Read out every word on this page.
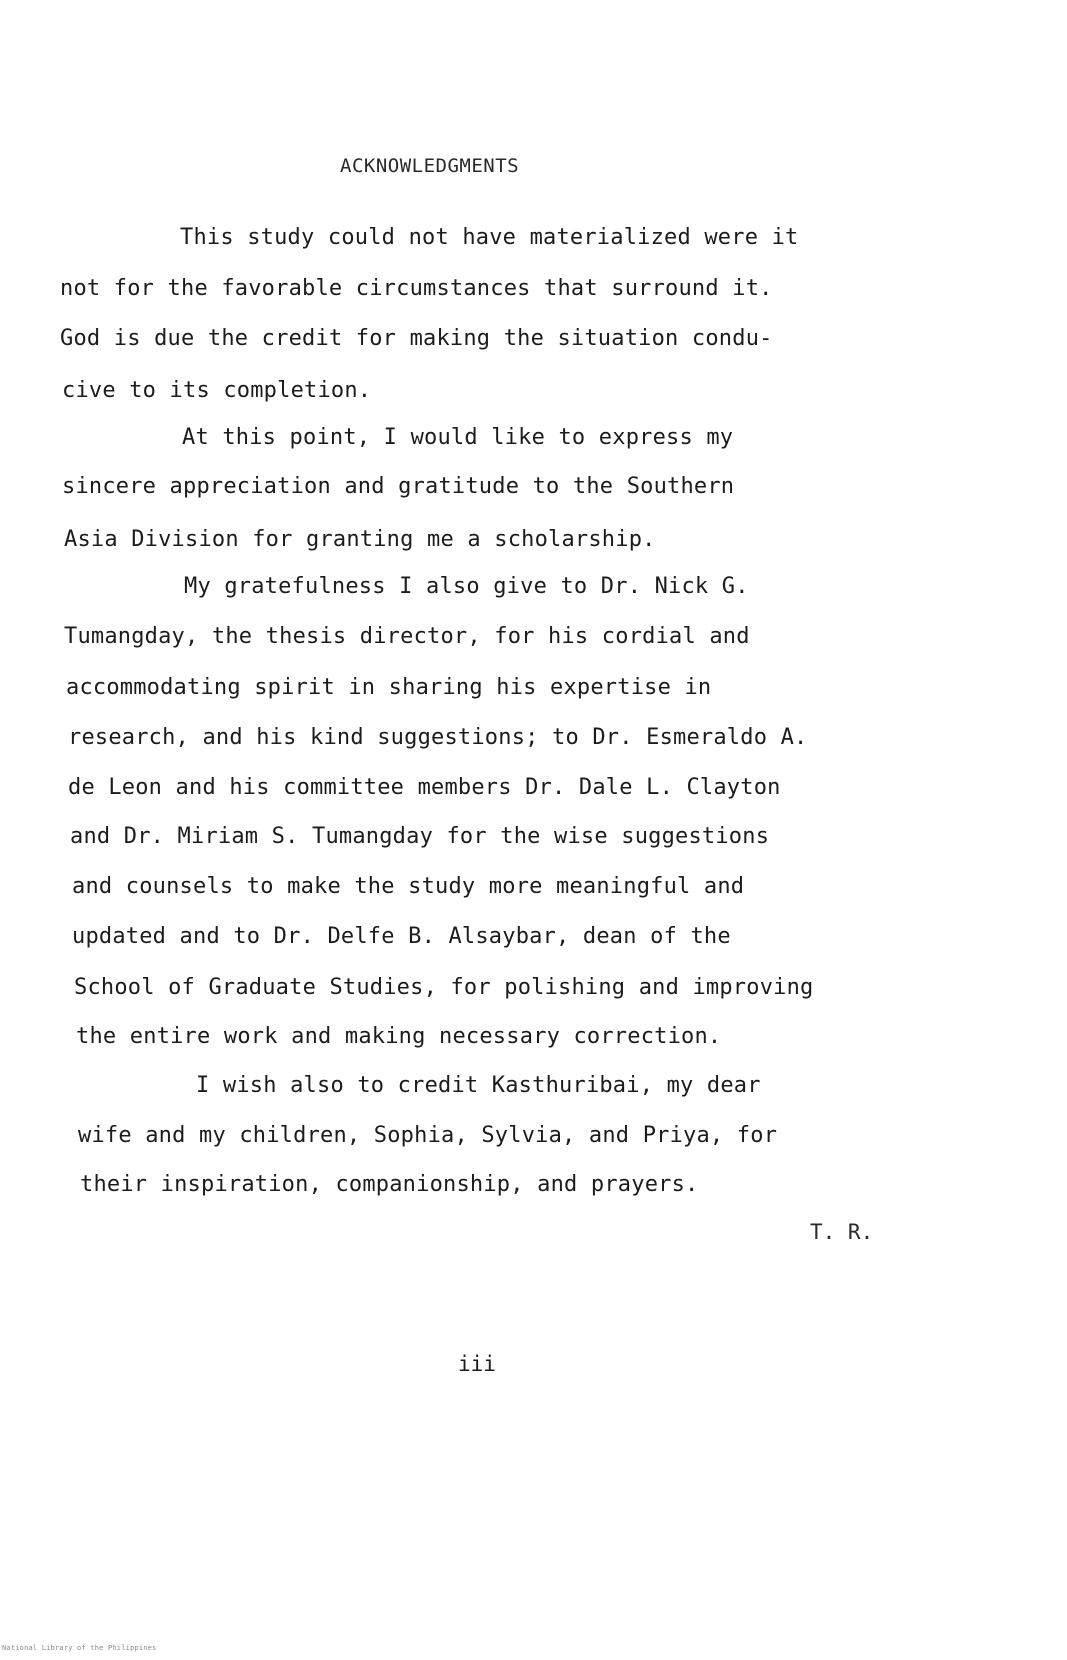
ACKNOWLEDGMENTS
This study could not have materialized were it
not for the favorable circumstances that surround it.
God is due the credit for making the situation condu-
cive to its completion.
At this point, I would like to express my
sincere appreciation and gratitude to the Southern
Asia Division for granting me a scholarship.
My gratefulness I also give to Dr. Nick G.
Tumangday, the thesis director, for his cordial and
accommodating spirit in sharing his expertise in
research, and his kind suggestions; to Dr. Esmeraldo A.
de Leon and his committee members Dr. Dale L. Clayton
and Dr. Miriam S. Tumangday for the wise suggestions
and counsels to make the study more meaningful and
updated and to Dr. Delfe B. Alsaybar, dean of the
School of Graduate Studies, for polishing and improving
the entire work and making necessary correction.
I wish also to credit Kasthuribai, my dear
wife and my children, Sophia, Sylvia, and Priya, for
their inspiration, companionship, and prayers.
T. R.
iii
National Library of the Philippines
